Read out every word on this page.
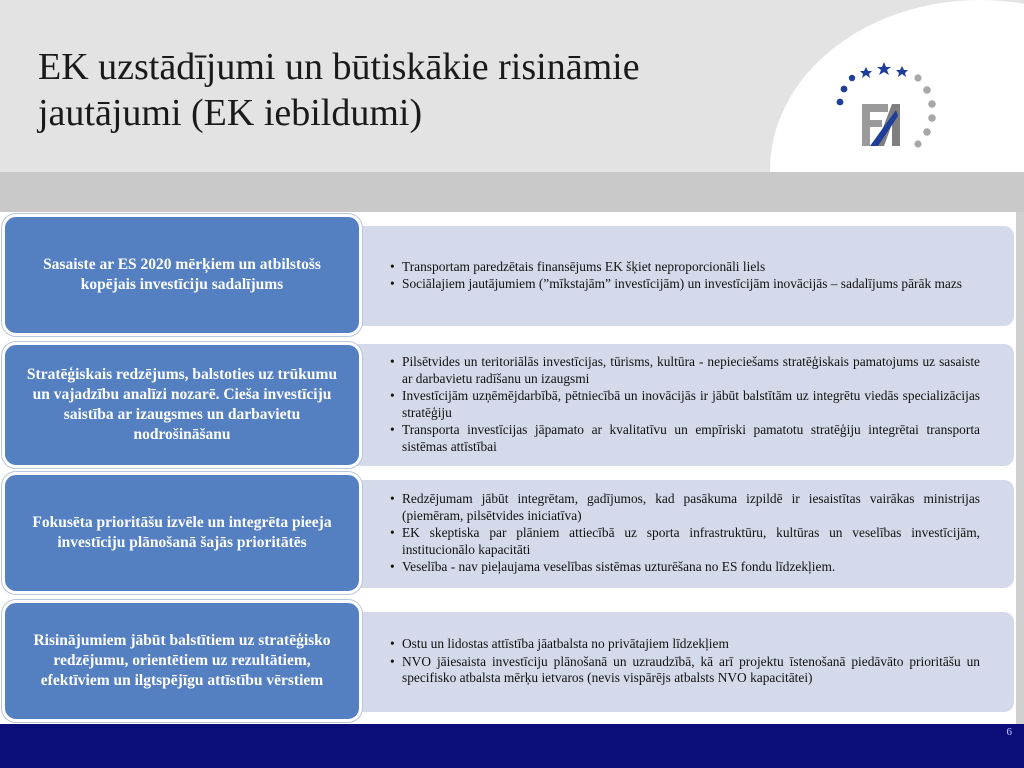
EK uzstādījumi un būtiskākie risināmie
jautājumi (EK iebildumi)
FM
• Transportam paredzētais finansējums EK šķiet neproporcionāli liels
• Sociālajiem jautājumiem (”mīkstajām” investīcijām) un investīcijām inovācijās – sadalījums pārāk mazs
Sasaiste ar ES 2020 mērķiem un atbilstošs kopējais investīciju sadalījums
• Pilsētvides un teritoriālās investīcijas, tūrisms, kultūra - nepieciešams stratēģiskais pamatojums uz sasaiste ar darbavietu radīšanu un izaugsmi
• Investīcijām uzņēmējdarbībā, pētniecībā un inovācijās ir jābūt balstītām uz integrētu viedās specializācijas stratēģiju
• Transporta investīcijas jāpamato ar kvalitatīvu un empīriski pamatotu stratēģiju integrētai transporta sistēmas attīstībai
Stratēģiskais redzējums, balstoties uz trūkumu un vajadzību analīzi nozarē. Cieša investīciju saistība ar izaugsmes un darbavietu nodrošināšanu
• Redzējumam jābūt integrētam, gadījumos, kad pasākuma izpildē ir iesaistītas vairākas ministrijas (piemēram, pilsētvides iniciatīva)
• EK skeptiska par plāniem attiecībā uz sporta infrastruktūru, kultūras un veselības investīcijām, institucionālo kapacitāti
• Veselība - nav pieļaujama veselības sistēmas uzturēšana no ES fondu līdzekļiem.
Fokusēta prioritāšu izvēle un integrēta pieeja investīciju plānošanā šajās prioritātēs
• Ostu un lidostas attīstība jāatbalsta no privātajiem līdzekļiem
• NVO jāiesaista investīciju plānošanā un uzraudzībā, kā arī projektu īstenošanā piedāvāto prioritāšu un specifisko atbalsta mērķu ietvaros (nevis vispārējs atbalsts NVO kapacitātei)
Risinājumiem jābūt balstītiem uz stratēģisko redzējumu, orientētiem uz rezultātiem, efektīviem un ilgtspējīgu attīstību vērstiem
6
